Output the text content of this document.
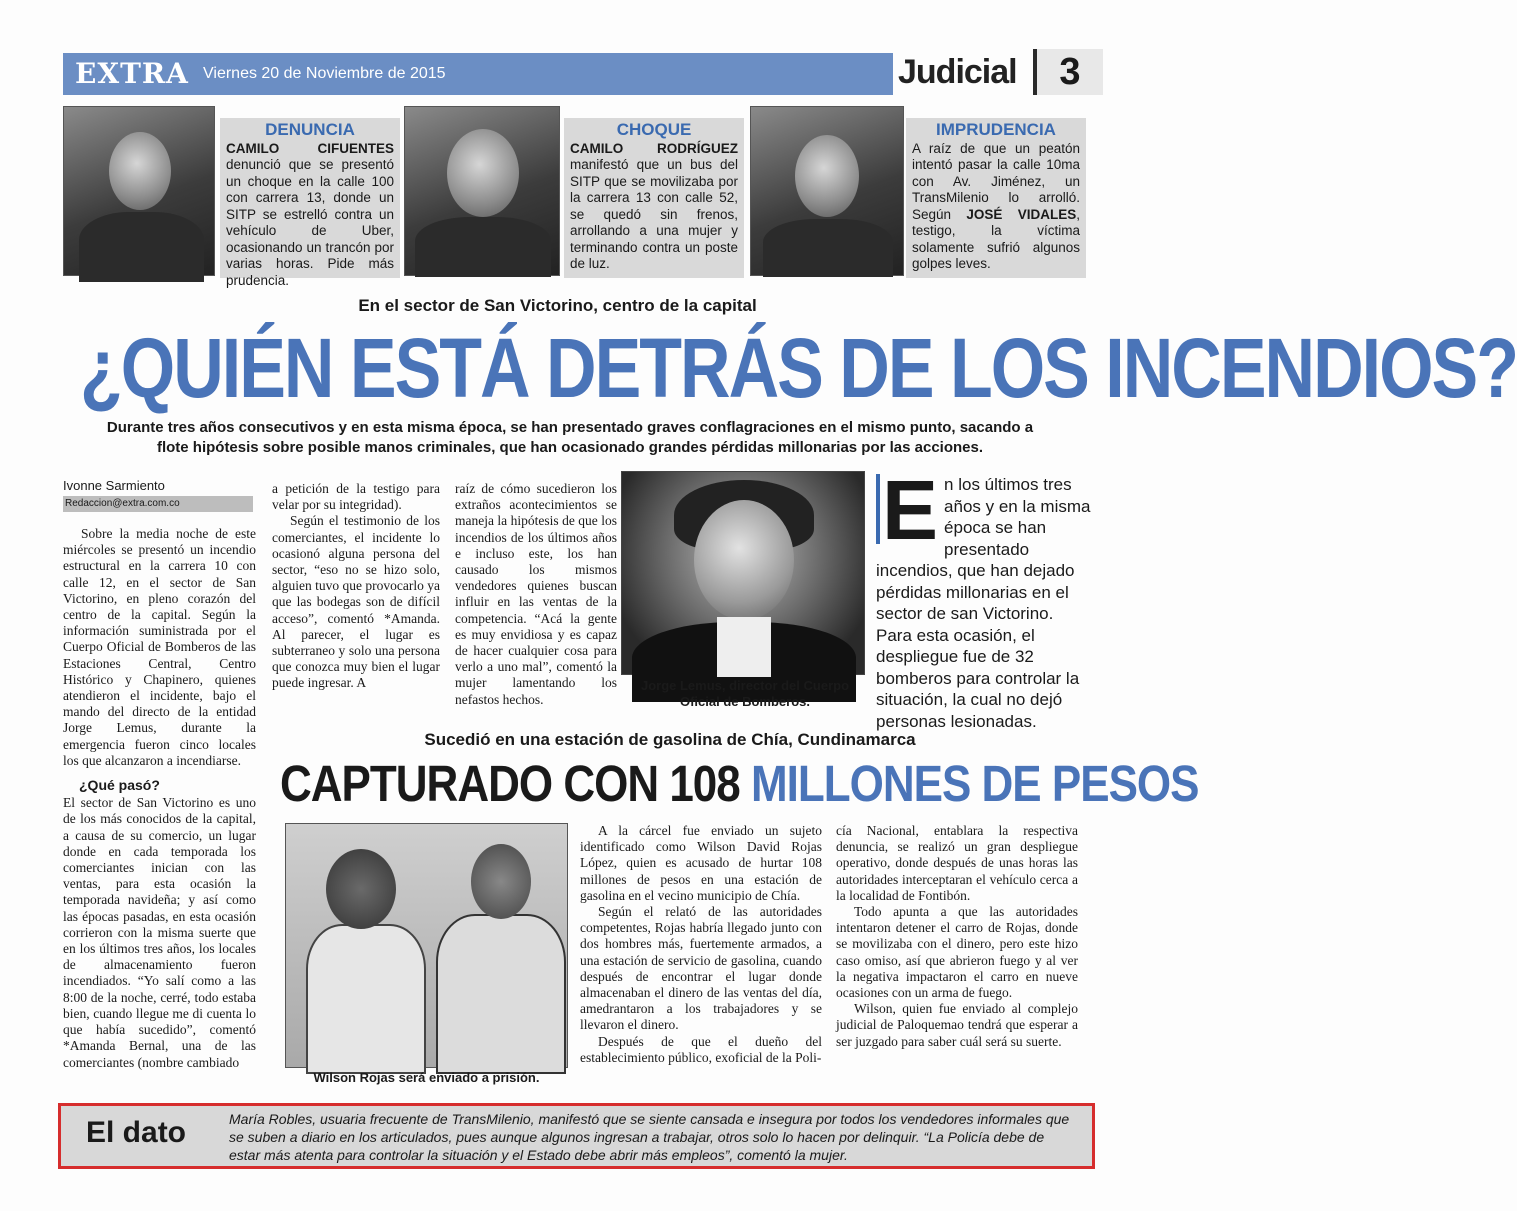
EXTRA Viernes 20 de Noviembre de 2015	Judicial	3
DENUNCIA
CAMILO CIFUENTES denunció que se presentó un choque en la calle 100 con carrera 13, donde un SITP se estrelló contra un vehículo de Uber, ocasionando un trancón por varias horas. Pide más prudencia.
CHOQUE
CAMILO RODRÍGUEZ manifestó que un bus del SITP que se movilizaba por la carrera 13 con calle 52, se quedó sin frenos, arrollando a una mujer y terminando contra un poste de luz.
IMPRUDENCIA
A raíz de que un peatón intentó pasar la calle 10ma con Av. Jiménez, un TransMilenio lo arrolló. Según JOSÉ VIDALES, testigo, la víctima solamente sufrió algunos golpes leves.
En el sector de San Victorino, centro de la capital
¿QUIÉN ESTÁ DETRÁS DE LOS INCENDIOS?
Durante tres años consecutivos y en esta misma época, se han presentado graves conflagraciones en el mismo punto, sacando a flote hipótesis sobre posible manos criminales, que han ocasionado grandes pérdidas millonarias por las acciones.
Ivonne Sarmiento
Redaccion@extra.com.co

Sobre la media noche de este miércoles se presentó un incendio estructural en la carrera 10 con calle 12, en el sector de San Victorino, en pleno corazón del centro de la capital. Según la información suministrada por el Cuerpo Oficial de Bomberos de las Estaciones Central, Centro Histórico y Chapinero, quienes atendieron el incidente, bajo el mando del directo de la entidad Jorge Lemus, durante la emergencia fueron cinco locales los que alcanzaron a incendiarse.

¿Qué pasó?

El sector de San Victorino es uno de los más conocidos de la capital, a causa de su comercio, un lugar donde en cada temporada los comerciantes inician con las ventas, para esta ocasión la temporada navideña; y así como las épocas pasadas, en esta ocasión corrieron con la misma suerte que en los últimos tres años, los locales de almacenamiento fueron incendiados. “Yo salí como a las 8:00 de la noche, cerré, todo estaba bien, cuando llegue me di cuenta lo que había sucedido”, comentó *Amanda Bernal, una de las comerciantes (nombre cambiado

a petición de la testigo para velar por su integridad).

Según el testimonio de los comerciantes, el incidente lo ocasionó alguna persona del sector, “eso no se hizo solo, alguien tuvo que provocarlo ya que las bodegas son de difícil acceso”, comentó *Amanda. Al parecer, el lugar es subterraneo y solo una persona que conozca muy bien el lugar puede ingresar. A

raíz de cómo sucedieron los extraños acontecimientos se maneja la hipótesis de que los incendios de los últimos años e incluso este, los han causado los mismos vendedores quienes buscan influir en las ventas de la competencia. “Acá la gente es muy envidiosa y es capaz de hacer cualquier cosa para verlo a uno mal”, comentó la mujer lamentando los nefastos hechos.

Jorge Lemus, director del Cuerpo Oficial de Bomberos.
En los últimos tres años y en la misma época se han presentado incendios, que han dejado pérdidas millonarias en el sector de san Victorino. Para esta ocasión, el despliegue fue de 32 bomberos para controlar la situación, la cual no dejó personas lesionadas.
Sucedió en una estación de gasolina de Chía, Cundinamarca
CAPTURADO CON 108 MILLONES DE PESOS
Wilson Rojas será enviado a prisión.

A la cárcel fue enviado un sujeto identificado como Wilson David Rojas López, quien es acusado de hurtar 108 millones de pesos en una estación de gasolina en el vecino municipio de Chía.

Según el relató de las autoridades competentes, Rojas habría llegado junto con dos hombres más, fuertemente armados, a una estación de servicio de gasolina, cuando después de encontrar el lugar donde almacenaban el dinero de las ventas del día, amedrantaron a los trabajadores y se llevaron el dinero.

Después de que el dueño del establecimiento público, exoficial de la Poli-

cía Nacional, entablara la respectiva denuncia, se realizó un gran despliegue operativo, donde después de unas horas las autoridades interceptaran el vehículo cerca a la localidad de Fontibón.

Todo apunta a que las autoridades intentaron detener el carro de Rojas, donde se movilizaba con el dinero, pero este hizo caso omiso, así que abrieron fuego y al ver la negativa impactaron el carro en nueve ocasiones con un arma de fuego.

Wilson, quien fue enviado al complejo judicial de Paloquemao tendrá que esperar a ser juzgado para saber cuál será su suerte.

El dato	María Robles, usuaria frecuente de TransMilenio, manifestó que se siente cansada e insegura por todos los vendedores informales que se suben a diario en los articulados, pues aunque algunos ingresan a trabajar, otros solo lo hacen por delinquir. “La Policía debe de estar más atenta para controlar la situación y el Estado debe abrir más empleos”, comentó la mujer.
